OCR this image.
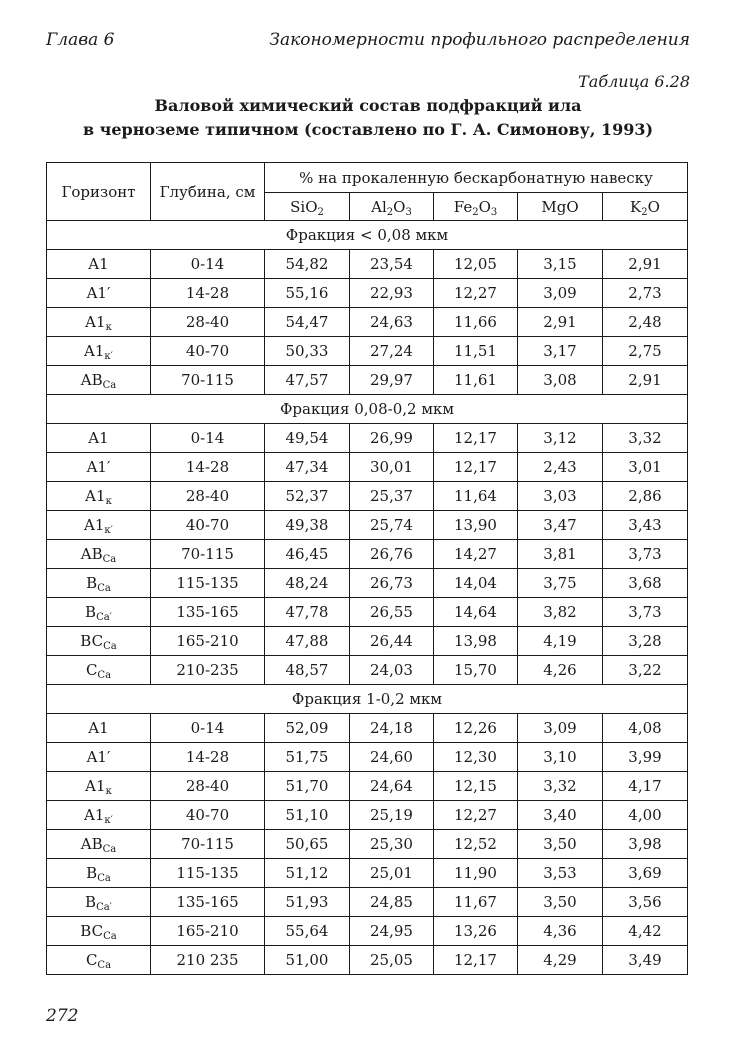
Глава 6	Закономерности профильного распределения
Таблица 6.28
Валовой химический состав подфракций ила
в черноземе типичном (составлено по Г. А. Симонову, 1993)
Горизонт	Глубина, см	% на прокаленную бескарбонатную навеску				
		SiO$_2$	$Al_2O_3$	$Fe_2O_3$	MgO	$K_2O$
Фракция < 0,08 мкм						
A1	0-14	54,82	23,54	12,05	3,15	2,91
A1′	14-28	55,16	22,93	12,27	3,09	2,73
$A1_к$	28-40	54,47	24,63	11,66	2,91	2,48
$A1_{к'}$	40-70	50,33	27,24	11,51	3,17	2,75
$AB_{Ca}$	70-115	47,57	29,97	11,61	3,08	2,91
Фракция 0,08-0,2 мкм						
A1	0-14	49,54	26,99	12,17	3,12	3,32
A1′	14-28	47,34	30,01	12,17	2,43	3,01
$A1_к$	28-40	52,37	25,37	11,64	3,03	2,86
$A1_{к'}$	40-70	49,38	25,74	13,90	3,47	3,43
$AB_{Ca}$	70-115	46,45	26,76	14,27	3,81	3,73
$B_{Ca}$	115-135	48,24	26,73	14,04	3,75	3,68
$B_{Ca'}$	135-165	47,78	26,55	14,64	3,82	3,73
$BC_{Ca}$	165-210	47,88	26,44	13,98	4,19	3,28
$C_{Ca}$	210-235	48,57	24,03	15,70	4,26	3,22
Фракция 1-0,2 мкм						
A1	0-14	52,09	24,18	12,26	3,09	4,08
A1′	14-28	51,75	24,60	12,30	3,10	3,99
$A1_к$	28-40	51,70	24,64	12,15	3,32	4,17
$A1_{к'}$	40-70	51,10	25,19	12,27	3,40	4,00
$AB_{Ca}$	70-115	50,65	25,30	12,52	3,50	3,98
$B_{Ca}$	115-135	51,12	25,01	11,90	3,53	3,69
$B_{Ca'}$	135-165	51,93	24,85	11,67	3,50	3,56
$BC_{Ca}$	165-210	55,64	24,95	13,26	4,36	4,42
$C_{Ca}$	210 235	51,00	25,05	12,17	4,29	3,49
272
